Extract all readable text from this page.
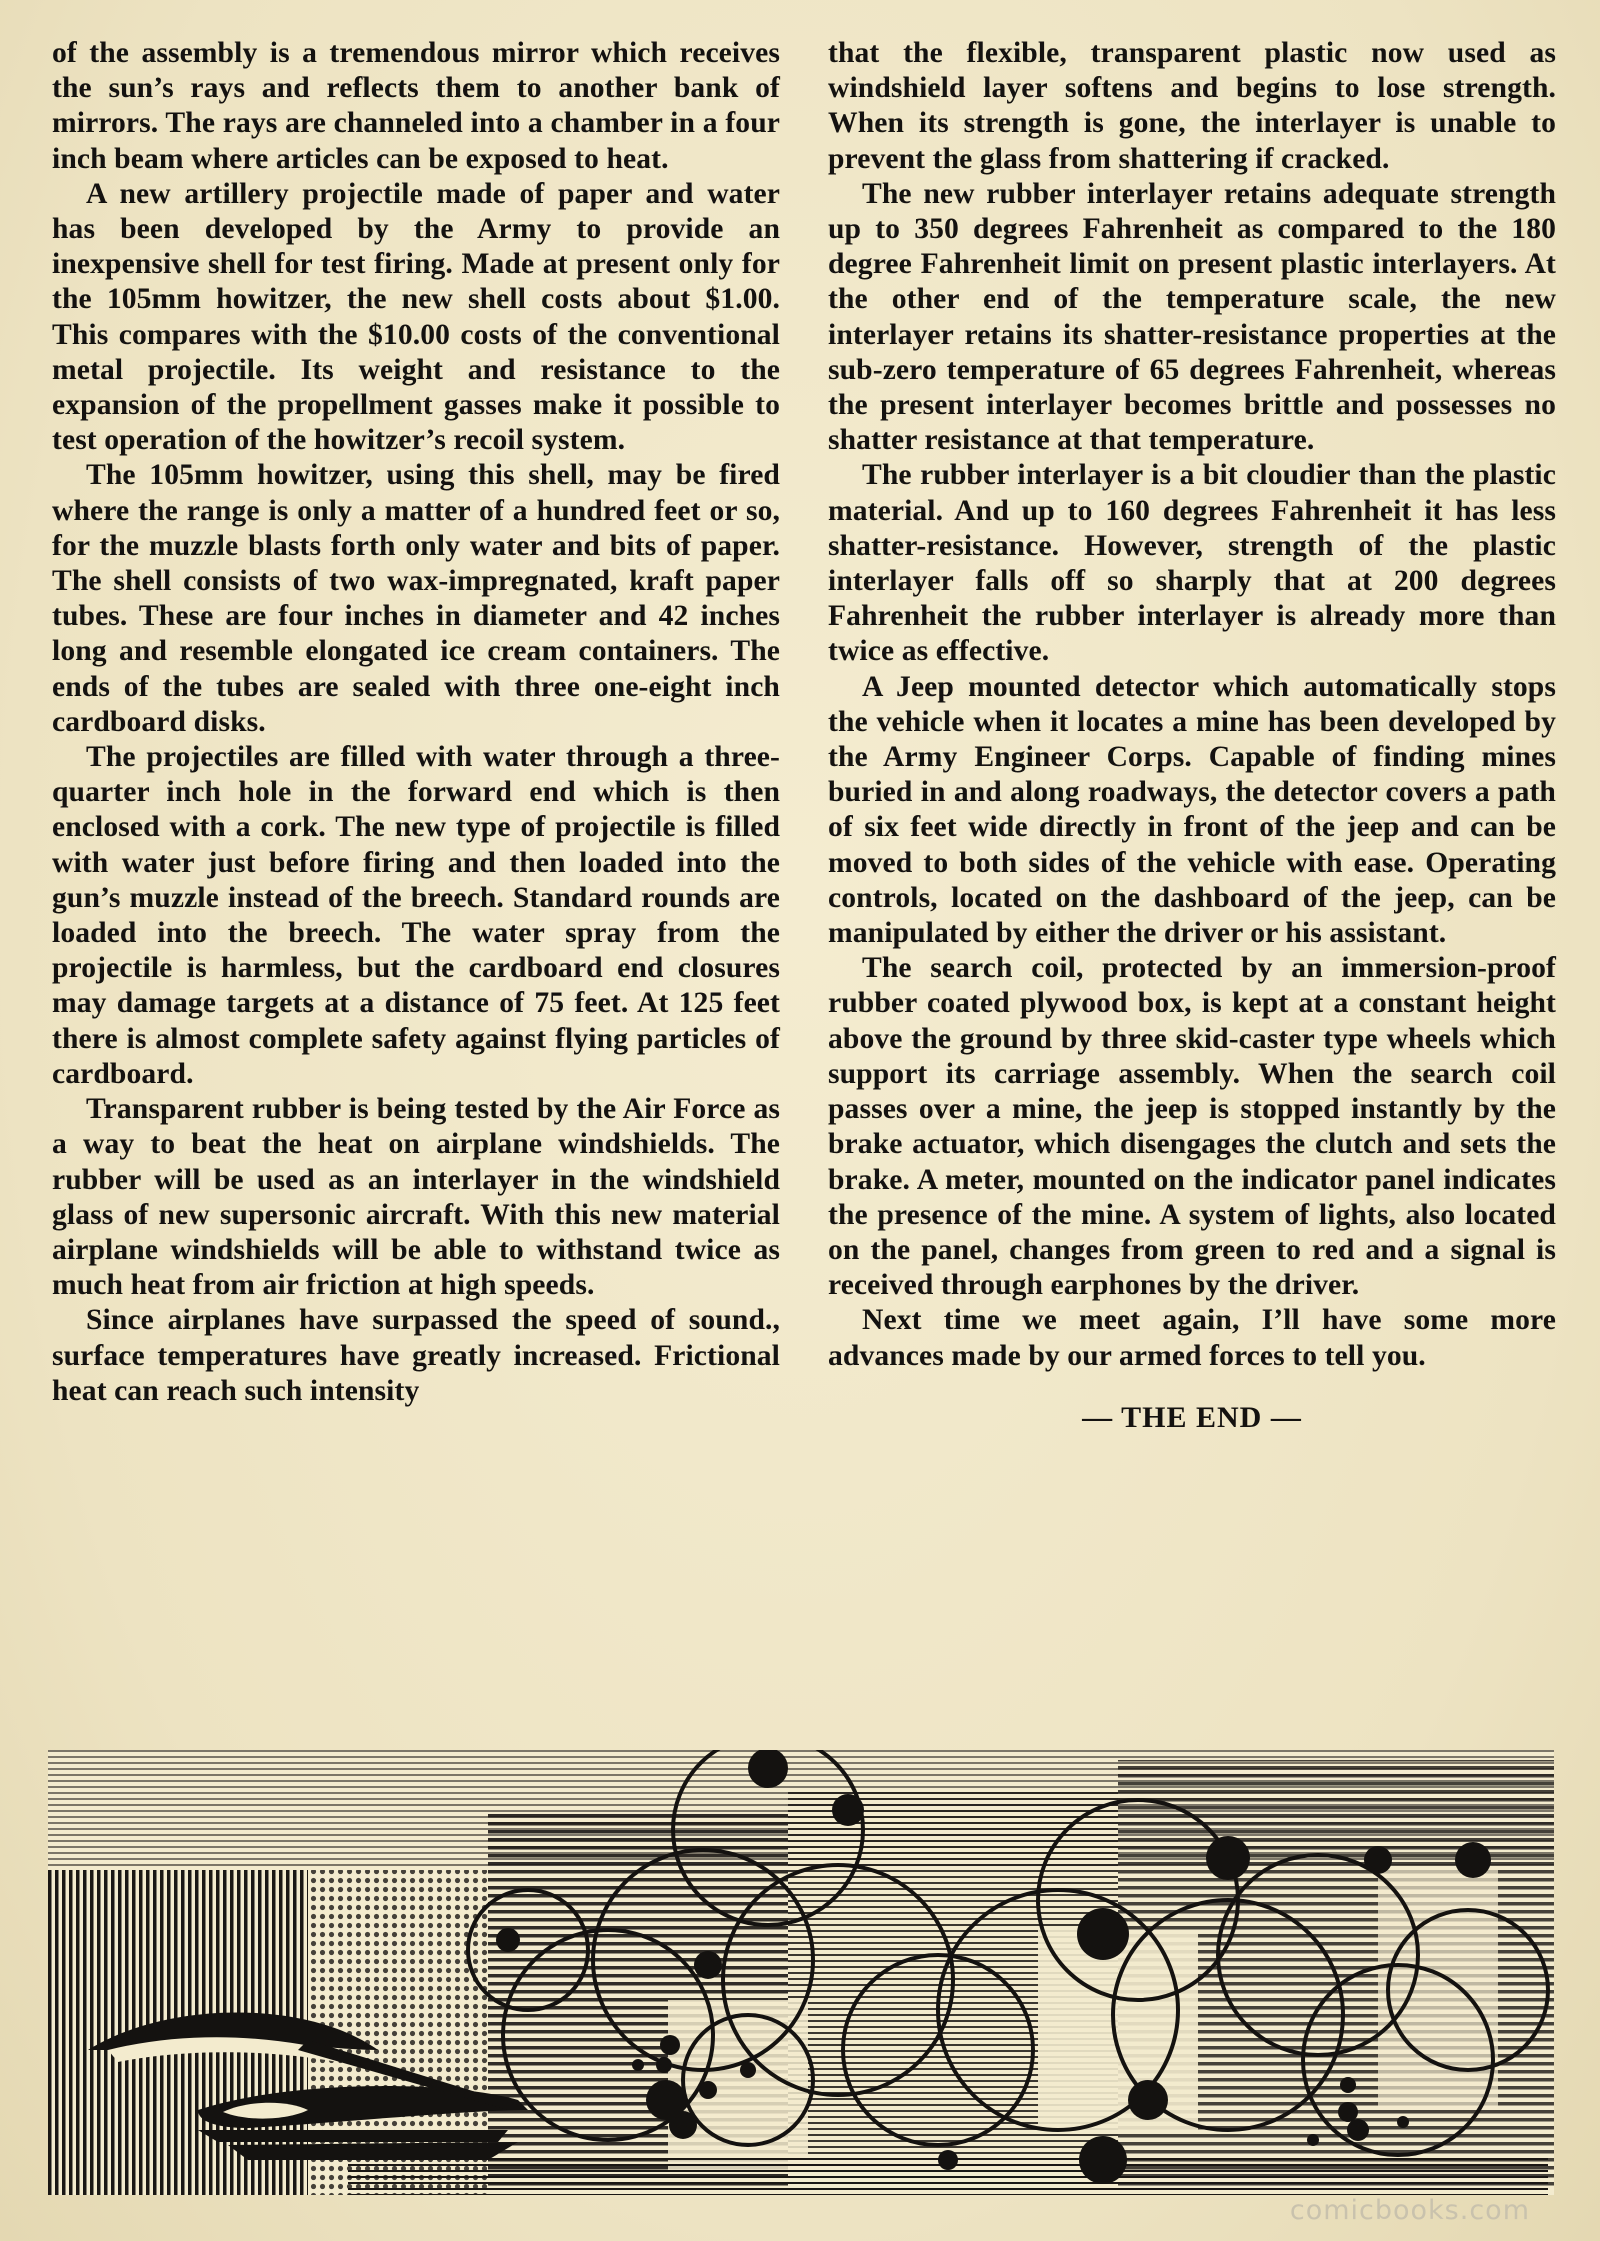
of the assembly is a tremendous mirror which receives the sun’s rays and reflects them to another bank of mirrors. The rays are channeled into a chamber in a four inch beam where articles can be exposed to heat.

A new artillery projectile made of paper and water has been developed by the Army to provide an inexpensive shell for test firing. Made at present only for the 105mm howitzer, the new shell costs about $1.00. This compares with the $10.00 costs of the conventional metal projectile. Its weight and resistance to the expansion of the propellment gasses make it possible to test operation of the howitzer’s recoil system.

The 105mm howitzer, using this shell, may be fired where the range is only a matter of a hundred feet or so, for the muzzle blasts forth only water and bits of paper. The shell consists of two wax-impregnated, kraft paper tubes. These are four inches in diameter and 42 inches long and resemble elongated ice cream containers. The ends of the tubes are sealed with three one-eight inch cardboard disks.

The projectiles are filled with water through a three-quarter inch hole in the forward end which is then enclosed with a cork. The new type of projectile is filled with water just before firing and then loaded into the gun’s muzzle instead of the breech. Standard rounds are loaded into the breech. The water spray from the projectile is harmless, but the cardboard end closures may damage targets at a distance of 75 feet. At 125 feet there is almost complete safety against flying particles of cardboard.

Transparent rubber is being tested by the Air Force as a way to beat the heat on airplane windshields. The rubber will be used as an interlayer in the windshield glass of new supersonic aircraft. With this new material airplane windshields will be able to withstand twice as much heat from air friction at high speeds.

Since airplanes have surpassed the speed of sound., surface temperatures have greatly increased. Frictional heat can reach such intensity

that the flexible, transparent plastic now used as windshield layer softens and begins to lose strength. When its strength is gone, the interlayer is unable to prevent the glass from shattering if cracked.

The new rubber interlayer retains adequate strength up to 350 degrees Fahrenheit as compared to the 180 degree Fahrenheit limit on present plastic interlayers. At the other end of the temperature scale, the new interlayer retains its shatter-resistance properties at the sub-zero temperature of 65 degrees Fahrenheit, whereas the present interlayer becomes brittle and possesses no shatter resistance at that temperature.

The rubber interlayer is a bit cloudier than the plastic material. And up to 160 degrees Fahrenheit it has less shatter-resistance. However, strength of the plastic interlayer falls off so sharply that at 200 degrees Fahrenheit the rubber interlayer is already more than twice as effective.

A Jeep mounted detector which automatically stops the vehicle when it locates a mine has been developed by the Army Engineer Corps. Capable of finding mines buried in and along roadways, the detector covers a path of six feet wide directly in front of the jeep and can be moved to both sides of the vehicle with ease. Operating controls, located on the dashboard of the jeep, can be manipulated by either the driver or his assistant.

The search coil, protected by an immersion-proof rubber coated plywood box, is kept at a constant height above the ground by three skid-caster type wheels which support its carriage assembly. When the search coil passes over a mine, the jeep is stopped instantly by the brake actuator, which disengages the clutch and sets the brake. A meter, mounted on the indicator panel indicates the presence of the mine. A system of lights, also located on the panel, changes from green to red and a signal is received through earphones by the driver.

Next time we meet again, I’ll have some more advances made by our armed forces to tell you.

— THE END —

comicbooks.com
